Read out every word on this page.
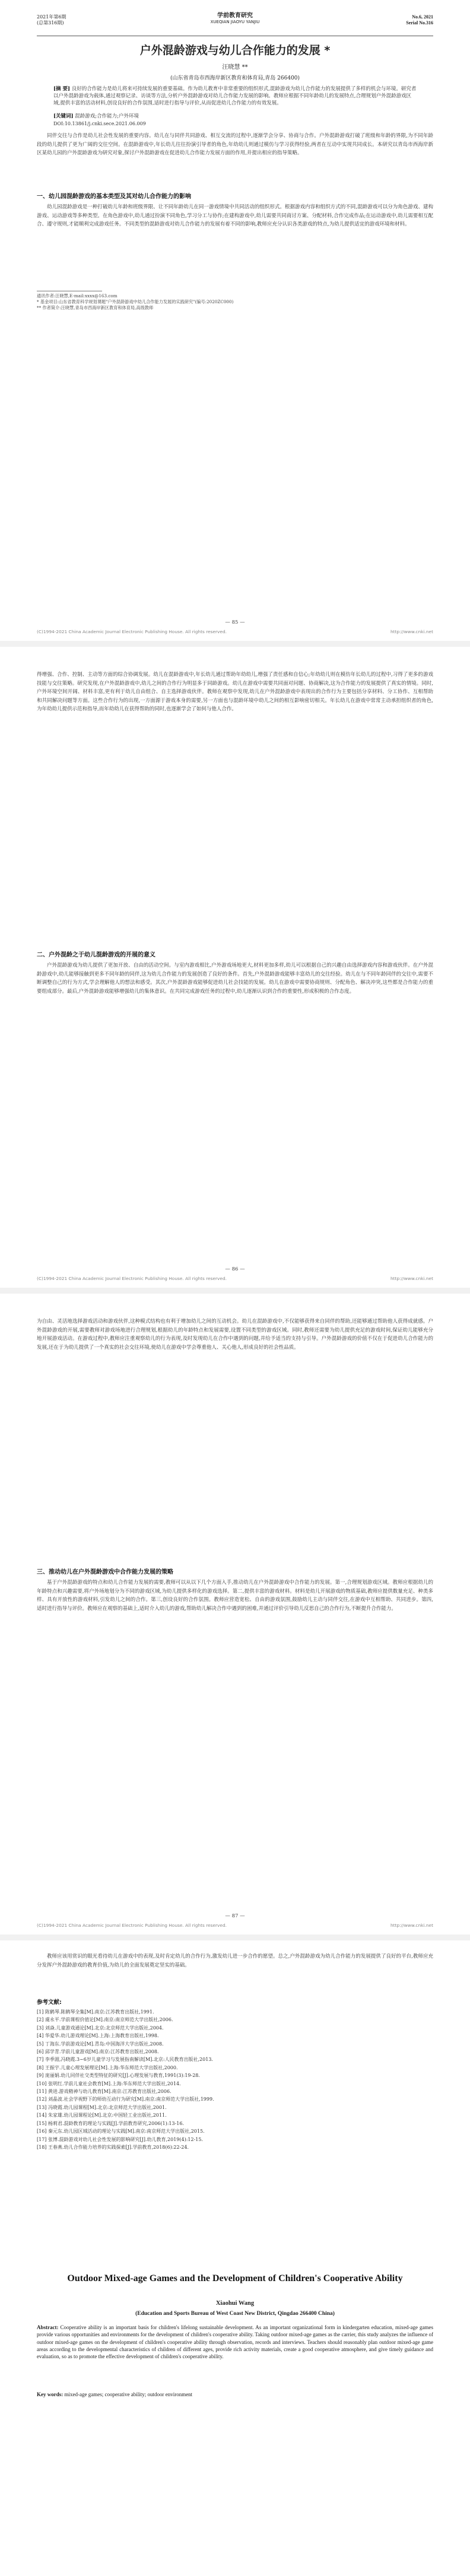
2021年第6期
(总第316期)
学前教育研究
XUEQIAN JIAOYU YANJIU
No.6, 2021
Serial No.316
户外混龄游戏与幼儿合作能力的发展 *
汪晓慧 **
(山东省青岛市西海岸新区教育和体育局,青岛 266400)
[摘 要] 良好的合作能力是幼儿将来可持续发展的重要基础。作为幼儿教育中非常重要的组织形式,混龄游戏为幼儿合作能力的发展提供了多样的机会与环境。研究者以户外混龄游戏为载体,通过观察记录、访谈等方法,分析户外混龄游戏对幼儿合作能力发展的影响。教师应根据不同年龄幼儿的发展特点,合理规划户外混龄游戏区域,提供丰富的活动材料,创设良好的合作氛围,适时进行指导与评价,从而促进幼儿合作能力的有效发展。
[关键词] 混龄游戏;合作能力;户外环境
DOI:10.13861/j.cnki.sece.2021.06.009
同伴交往与合作是幼儿社会性发展的重要内容。幼儿在与同伴共同游戏、相互交流的过程中,逐渐学会分享、协商与合作。户外混龄游戏打破了班级和年龄的界限,为不同年龄段的幼儿提供了更为广阔的交往空间。在混龄游戏中,年长幼儿往往扮演引导者的角色,年幼幼儿则通过模仿与学习获得经验,两者在互动中实现共同成长。本研究以青岛市西海岸新区某幼儿园的户外混龄游戏为研究对象,探讨户外混龄游戏在促进幼儿合作能力发展方面的作用,并提出相应的指导策略。
一、幼儿园混龄游戏的基本类型及其对幼儿合作能力的影响
幼儿园混龄游戏是一种打破幼儿年龄和班级界限、让不同年龄幼儿在同一游戏情境中共同活动的组织形式。根据游戏内容和组织方式的不同,混龄游戏可以分为角色游戏、建构游戏、运动游戏等多种类型。在角色游戏中,幼儿通过扮演不同角色,学习分工与协作;在建构游戏中,幼儿需要共同商讨方案、分配材料,合作完成作品;在运动游戏中,幼儿需要相互配合、遵守规则,才能顺利完成游戏任务。不同类型的混龄游戏对幼儿合作能力的发展有着不同的影响,教师应充分认识各类游戏的特点,为幼儿提供适宜的游戏环境和材料。
通讯作者:汪晓慧,E-mail:xxxx@163.com
* 基金项目:山东省教育科学规划课题"户外混龄游戏中幼儿合作能力发展的实践研究"(编号:2020ZC000)
** 作者简介:汪晓慧,青岛市西海岸新区教育和体育局,高级教师
— 85 —
(C)1994-2021 China Academic Journal Electronic Publishing House. All rights reserved.	http://www.cnki.net
得增强、合作、控制、主动等方面的综合协调发展。幼儿在混龄游戏中,年长幼儿通过帮助年幼幼儿,增强了责任感和自信心;年幼幼儿则在模仿年长幼儿的过程中,习得了更多的游戏技能与交往策略。研究发现,在户外混龄游戏中,幼儿之间的合作行为明显多于同龄游戏。幼儿在游戏中需要共同面对问题、协商解决,这为合作能力的发展提供了真实的情境。同时,户外环境空间开阔、材料丰富,更有利于幼儿自由组合、自主选择游戏伙伴。教师在观察中发现,幼儿在户外混龄游戏中表现出的合作行为主要包括分享材料、分工协作、互相帮助和共同解决问题等方面。这些合作行为的出现,一方面源于游戏本身的需要,另一方面也与混龄环境中幼儿之间的相互影响密切相关。年长幼儿在游戏中常常主动承担组织者的角色,为年幼幼儿提供示范和指导,而年幼幼儿在获得帮助的同时,也逐渐学会了如何与他人合作。
二、户外混龄之于幼儿混龄游戏的开展的意义
户外混龄游戏为幼儿提供了更加开放、自由的活动空间。与室内游戏相比,户外游戏场地更大,材料更加多样,幼儿可以根据自己的兴趣自由选择游戏内容和游戏伙伴。在户外混龄游戏中,幼儿能够接触到更多不同年龄的同伴,这为幼儿合作能力的发展创造了良好的条件。首先,户外混龄游戏能够丰富幼儿的交往经验。幼儿在与不同年龄同伴的交往中,需要不断调整自己的行为方式,学会理解他人的想法和感受。其次,户外混龄游戏能够促进幼儿社会技能的发展。幼儿在游戏中需要协商规则、分配角色、解决冲突,这些都是合作能力的重要组成部分。最后,户外混龄游戏能够增强幼儿的集体意识。在共同完成游戏任务的过程中,幼儿逐渐认识到合作的重要性,形成积极的合作态度。
— 86 —
(C)1994-2021 China Academic Journal Electronic Publishing House. All rights reserved.	http://www.cnki.net
为自由、灵活地选择游戏活动和游戏伙伴,这种模式结构也有利于增加幼儿之间的互动机会。幼儿在混龄游戏中,不仅能够获得来自同伴的帮助,还能够通过帮助他人获得成就感。户外混龄游戏的开展,需要教师对游戏场地进行合理规划,根据幼儿的年龄特点和发展需要,设置不同类型的游戏区域。同时,教师还需要为幼儿提供充足的游戏时间,保证幼儿能够充分地开展游戏活动。在游戏过程中,教师应注重观察幼儿的行为表现,及时发现幼儿在合作中遇到的问题,并给予适当的支持与引导。户外混龄游戏的价值不仅在于促进幼儿合作能力的发展,还在于为幼儿提供了一个真实的社会交往环境,使幼儿在游戏中学会尊重他人、关心他人,形成良好的社会性品质。
三、推动幼儿在户外混龄游戏中合作能力发展的策略
基于户外混龄游戏的特点和幼儿合作能力发展的需要,教师可以从以下几个方面入手,推动幼儿在户外混龄游戏中合作能力的发展。第一,合理规划游戏区域。教师应根据幼儿的年龄特点和兴趣需要,将户外场地划分为不同的游戏区域,为幼儿提供多样化的游戏选择。第二,提供丰富的游戏材料。材料是幼儿开展游戏的物质基础,教师应提供数量充足、种类多样、具有开放性的游戏材料,引发幼儿之间的合作。第三,创设良好的合作氛围。教师应营造宽松、自由的游戏氛围,鼓励幼儿主动与同伴交往,在游戏中互相帮助、共同进步。第四,适时进行指导与评价。教师应在观察的基础上,适时介入幼儿的游戏,帮助幼儿解决合作中遇到的困难,并通过评价引导幼儿反思自己的合作行为,不断提升合作能力。
— 87 —
(C)1994-2021 China Academic Journal Electronic Publishing House. All rights reserved.	http://www.cnki.net
教师应该用赏识的眼光看待幼儿在游戏中的表现,及时肯定幼儿的合作行为,激发幼儿进一步合作的愿望。总之,户外混龄游戏为幼儿合作能力的发展提供了良好的平台,教师应充分发挥户外混龄游戏的教育价值,为幼儿的全面发展奠定坚实的基础。
参考文献:
[1] 陈鹤琴.陈鹤琴全集[M].南京:江苏教育出版社,1991.
[2] 虞永平.学前课程价值论[M].南京:南京师范大学出版社,2006.
[3] 刘焱.儿童游戏通论[M].北京:北京师范大学出版社,2004.
[4] 华爱华.幼儿游戏理论[M].上海:上海教育出版社,1998.
[5] 丁海东.学前游戏论[M].青岛:中国海洋大学出版社,2008.
[6] 邱学青.学前儿童游戏[M].南京:江苏教育出版社,2008.
[7] 李季湄,冯晓霞.3~6岁儿童学习与发展指南解读[M].北京:人民教育出版社,2013.
[8] 王振宇.儿童心理发展理论[M].上海:华东师范大学出版社,2000.
[9] 庞丽娟.幼儿同伴社交类型特征的研究[J].心理发展与教育,1991(3):19-28.
[10] 张明红.学前儿童社会教育[M].上海:华东师范大学出版社,2014.
[11] 黄进.游戏精神与幼儿教育[M].南京:江苏教育出版社,2006.
[12] 刘晶波.社会学视野下的师幼互动行为研究[M].南京:南京师范大学出版社,1999.
[13] 冯晓霞.幼儿园课程[M].北京:北京师范大学出版社,2001.
[14] 朱家雄.幼儿园课程论[M].北京:中国轻工业出版社,2011.
[15] 杨莉君.混龄教育的理论与实践[J].学前教育研究,2006(1):13-16.
[16] 秦元东.幼儿园区域活动的理论与实践[M].南京:南京师范大学出版社,2015.
[17] 张博.混龄游戏对幼儿社会性发展的影响研究[J].幼儿教育,2019(4):12-15.
[18] 王春燕.幼儿合作能力培养的实践探索[J].学前教育,2018(6):22-24.
Outdoor Mixed-age Games and the Development of Children's Cooperative Ability
Xiaohui Wang
(Education and Sports Bureau of West Coast New District, Qingdao 266400 China)
Abstract: Cooperative ability is an important basis for children's lifelong sustainable development. As an important organizational form in kindergarten education, mixed-age games provide various opportunities and environments for the development of children's cooperative ability. Taking outdoor mixed-age games as the carrier, this study analyzes the influence of outdoor mixed-age games on the development of children's cooperative ability through observation, records and interviews. Teachers should reasonably plan outdoor mixed-age game areas according to the developmental characteristics of children of different ages, provide rich activity materials, create a good cooperative atmosphere, and give timely guidance and evaluation, so as to promote the effective development of children's cooperative ability.
Key words: mixed-age games; cooperative ability; outdoor environment
